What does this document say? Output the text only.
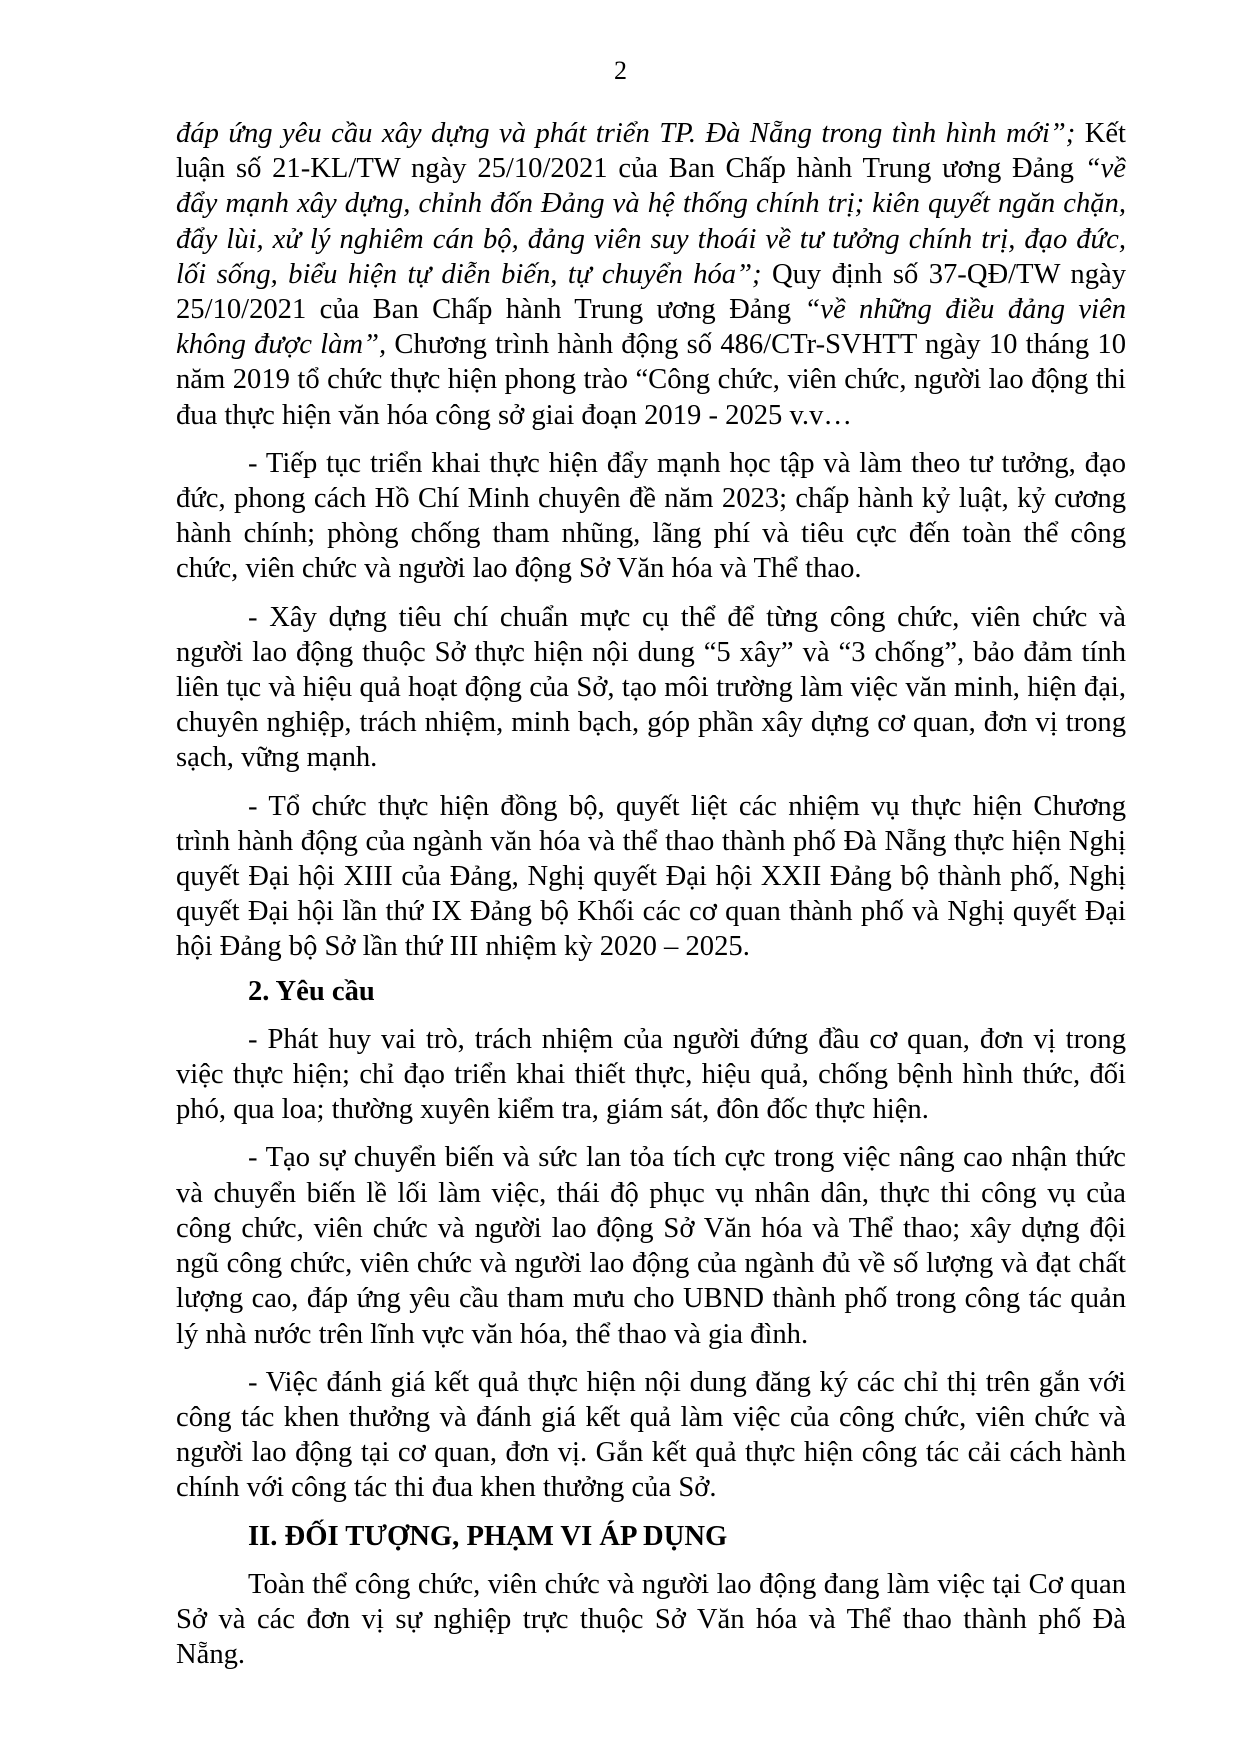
2

đáp ứng yêu cầu xây dựng và phát triển TP. Đà Nẵng trong tình hình mới”; Kết luận số 21-KL/TW ngày 25/10/2021 của Ban Chấp hành Trung ương Đảng “về đẩy mạnh xây dựng, chỉnh đốn Đảng và hệ thống chính trị; kiên quyết ngăn chặn, đẩy lùi, xử lý nghiêm cán bộ, đảng viên suy thoái về tư tưởng chính trị, đạo đức, lối sống, biểu hiện tự diễn biến, tự chuyển hóa”; Quy định số 37-QĐ/TW ngày 25/10/2021 của Ban Chấp hành Trung ương Đảng “về những điều đảng viên không được làm”, Chương trình hành động số 486/CTr-SVHTT ngày 10 tháng 10 năm 2019 tổ chức thực hiện phong trào “Công chức, viên chức, người lao động thi đua thực hiện văn hóa công sở giai đoạn 2019 - 2025 v.v…

- Tiếp tục triển khai thực hiện đẩy mạnh học tập và làm theo tư tưởng, đạo đức, phong cách Hồ Chí Minh chuyên đề năm 2023; chấp hành kỷ luật, kỷ cương hành chính; phòng chống tham nhũng, lãng phí và tiêu cực đến toàn thể công chức, viên chức và người lao động Sở Văn hóa và Thể thao.

- Xây dựng tiêu chí chuẩn mực cụ thể để từng công chức, viên chức và người lao động thuộc Sở thực hiện nội dung “5 xây” và “3 chống”, bảo đảm tính liên tục và hiệu quả hoạt động của Sở, tạo môi trường làm việc văn minh, hiện đại, chuyên nghiệp, trách nhiệm, minh bạch, góp phần xây dựng cơ quan, đơn vị trong sạch, vững mạnh.

- Tổ chức thực hiện đồng bộ, quyết liệt các nhiệm vụ thực hiện Chương trình hành động của ngành văn hóa và thể thao thành phố Đà Nẵng thực hiện Nghị quyết Đại hội XIII của Đảng, Nghị quyết Đại hội XXII Đảng bộ thành phố, Nghị quyết Đại hội lần thứ IX Đảng bộ Khối các cơ quan thành phố và Nghị quyết Đại hội Đảng bộ Sở lần thứ III nhiệm kỳ 2020 – 2025.

2. Yêu cầu

- Phát huy vai trò, trách nhiệm của người đứng đầu cơ quan, đơn vị trong việc thực hiện; chỉ đạo triển khai thiết thực, hiệu quả, chống bệnh hình thức, đối phó, qua loa; thường xuyên kiểm tra, giám sát, đôn đốc thực hiện.

- Tạo sự chuyển biến và sức lan tỏa tích cực trong việc nâng cao nhận thức và chuyển biến lề lối làm việc, thái độ phục vụ nhân dân, thực thi công vụ của công chức, viên chức và người lao động Sở Văn hóa và Thể thao; xây dựng đội ngũ công chức, viên chức và người lao động của ngành đủ về số lượng và đạt chất lượng cao, đáp ứng yêu cầu tham mưu cho UBND thành phố trong công tác quản lý nhà nước trên lĩnh vực văn hóa, thể thao và gia đình.

- Việc đánh giá kết quả thực hiện nội dung đăng ký các chỉ thị trên gắn với công tác khen thưởng và đánh giá kết quả làm việc của công chức, viên chức và người lao động tại cơ quan, đơn vị. Gắn kết quả thực hiện công tác cải cách hành chính với công tác thi đua khen thưởng của Sở.

II. ĐỐI TƯỢNG, PHẠM VI ÁP DỤNG

Toàn thể công chức, viên chức và người lao động đang làm việc tại Cơ quan Sở và các đơn vị sự nghiệp trực thuộc Sở Văn hóa và Thể thao thành phố Đà Nẵng.
